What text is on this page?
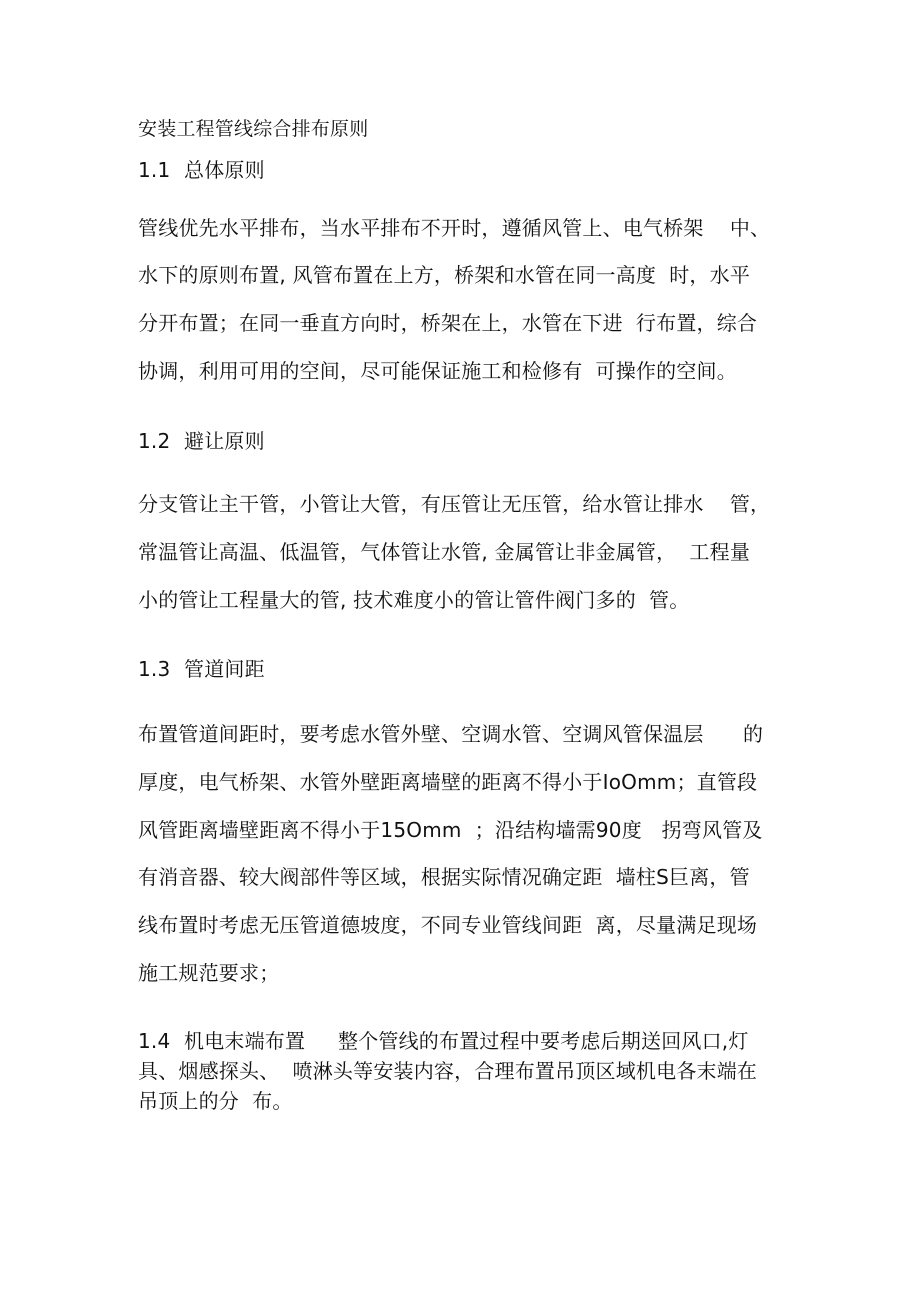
安装工程管线综合排布原则
1.1 总体原则
管线优先水平排布，当水平排布不开时，遵循风管上、电气桥架    中、
水下的原则布置, 风管布置在上方，桥架和水管在同一高度  时，水平
分开布置；在同一垂直方向时，桥架在上，水管在下进  行布置，综合
协调，利用可用的空间，尽可能保证施工和检修有  可操作的空间。
1.2 避让原则
分支管让主干管，小管让大管，有压管让无压管，给水管让排水    管，
常温管让高温、低温管，气体管让水管, 金属管让非金属管，  工程量
小的管让工程量大的管, 技术难度小的管让管件阀门多的  管。
1.3 管道间距
布置管道间距时，要考虑水管外壁、空调水管、空调风管保温层      的
厚度，电气桥架、水管外壁距离墙壁的距离不得小于IoOmm；直管段
风管距离墙壁距离不得小于15Omm  ；沿结构墙需90度   拐弯风管及
有消音器、较大阀部件等区域，根据实际情况确定距  墙柱S巨离，管
线布置时考虑无压管道德坡度，不同专业管线间距  离，尽量满足现场
施工规范要求；
1.4 机电末端布置     整个管线的布置过程中要考虑后期送回风口,灯
具、烟感探头、  喷淋头等安装内容，合理布置吊顶区域机电各末端在
吊顶上的分  布。
